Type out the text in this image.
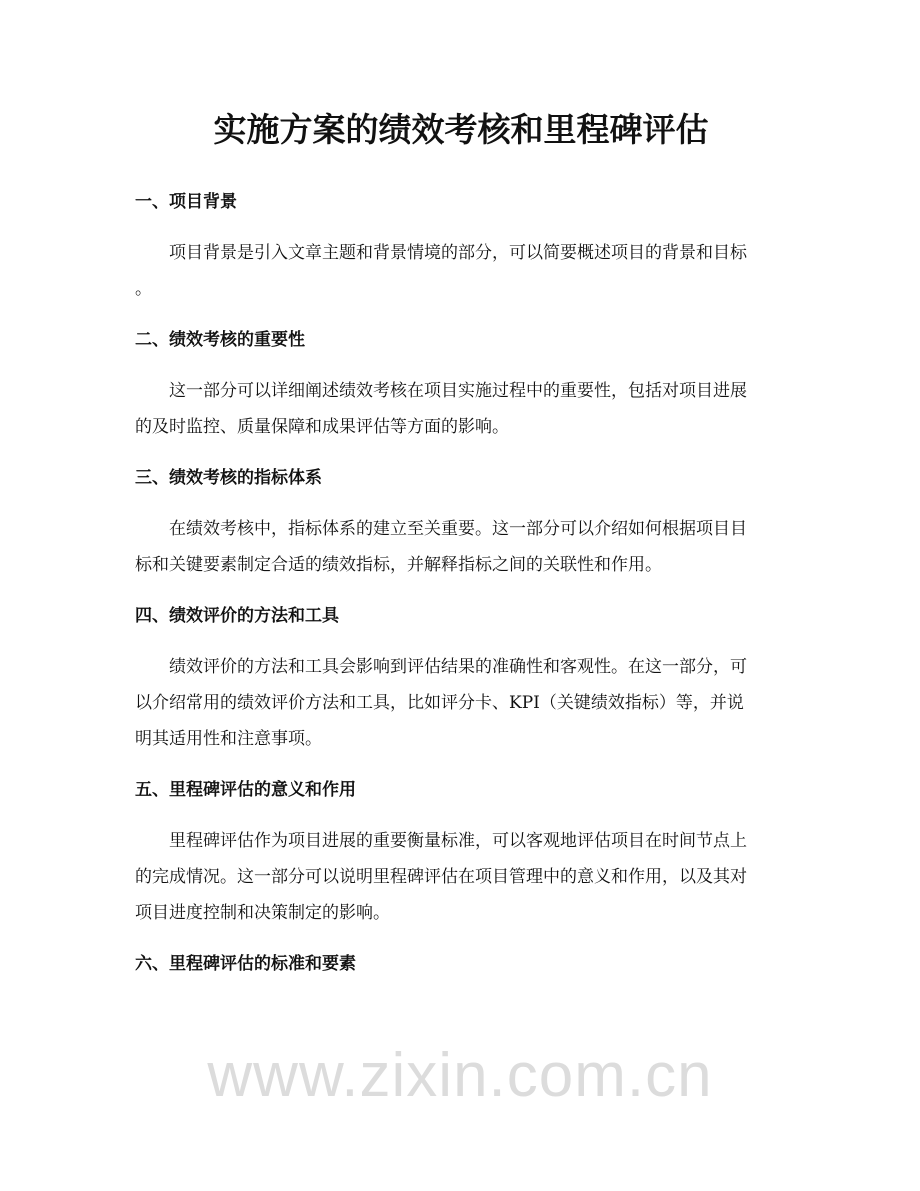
www.zixin.com.cn
实施方案的绩效考核和里程碑评估
一、项目背景
项目背景是引入文章主题和背景情境的部分，可以简要概述项目的背景和目标
。
二、绩效考核的重要性
这一部分可以详细阐述绩效考核在项目实施过程中的重要性，包括对项目进展
的及时监控、质量保障和成果评估等方面的影响。
三、绩效考核的指标体系
在绩效考核中，指标体系的建立至关重要。这一部分可以介绍如何根据项目目
标和关键要素制定合适的绩效指标，并解释指标之间的关联性和作用。
四、绩效评价的方法和工具
绩效评价的方法和工具会影响到评估结果的准确性和客观性。在这一部分，可
以介绍常用的绩效评价方法和工具，比如评分卡、KPI（关键绩效指标）等，并说
明其适用性和注意事项。
五、里程碑评估的意义和作用
里程碑评估作为项目进展的重要衡量标准，可以客观地评估项目在时间节点上
的完成情况。这一部分可以说明里程碑评估在项目管理中的意义和作用，以及其对
项目进度控制和决策制定的影响。
六、里程碑评估的标准和要素
